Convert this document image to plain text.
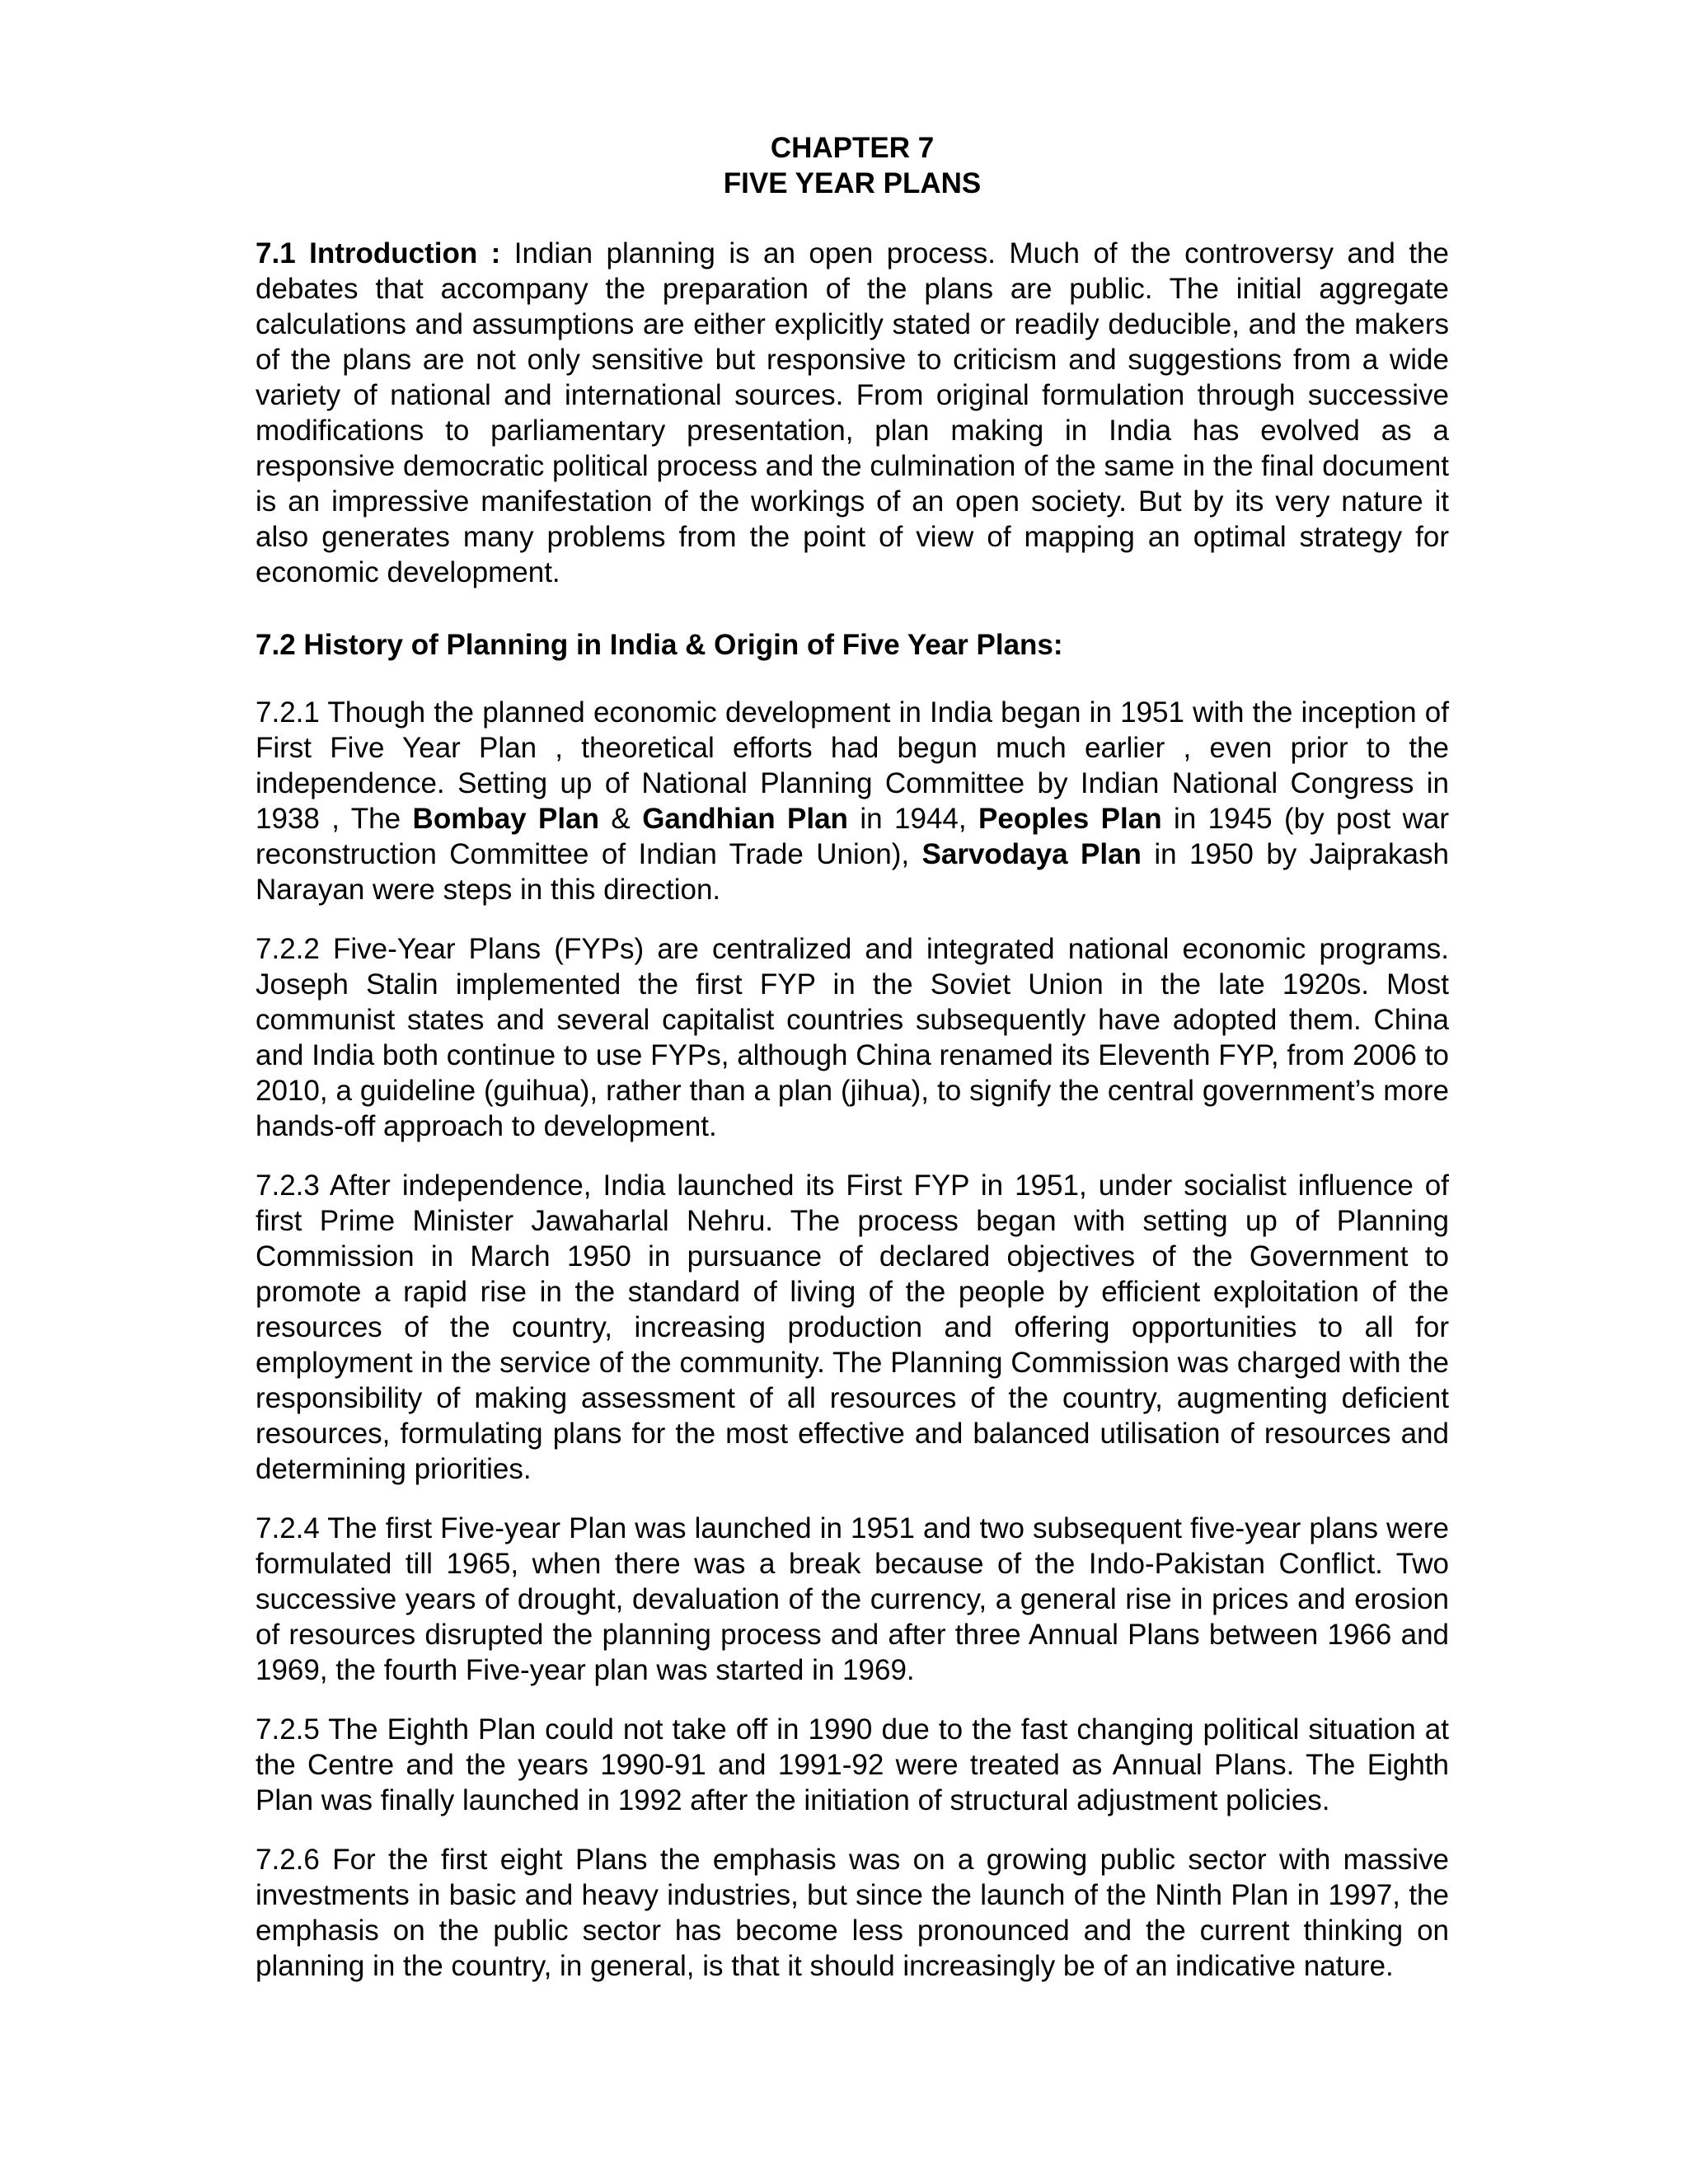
CHAPTER 7
FIVE YEAR PLANS

7.1 Introduction : Indian planning is an open process. Much of the controversy and the debates that accompany the preparation of the plans are public. The initial aggregate calculations and assumptions are either explicitly stated or readily deducible, and the makers of the plans are not only sensitive but responsive to criticism and suggestions from a wide variety of national and international sources. From original formulation through successive modifications to parliamentary presentation, plan making in India has evolved as a responsive democratic political process and the culmination of the same in the final document is an impressive manifestation of the workings of an open society. But by its very nature it also generates many problems from the point of view of mapping an optimal strategy for economic development.

7.2 History of Planning in India & Origin of Five Year Plans:

7.2.1 Though the planned economic development in India began in 1951 with the inception of First Five Year Plan , theoretical efforts had begun much earlier , even prior to the independence. Setting up of National Planning Committee by Indian National Congress in 1938 , The Bombay Plan & Gandhian Plan in 1944, Peoples Plan in 1945 (by post war reconstruction Committee of Indian Trade Union), Sarvodaya Plan in 1950 by Jaiprakash Narayan were steps in this direction.

7.2.2 Five-Year Plans (FYPs) are centralized and integrated national economic programs. Joseph Stalin implemented the first FYP in the Soviet Union in the late 1920s. Most communist states and several capitalist countries subsequently have adopted them. China and India both continue to use FYPs, although China renamed its Eleventh FYP, from 2006 to 2010, a guideline (guihua), rather than a plan (jihua), to signify the central government’s more hands-off approach to development.

7.2.3 After independence, India launched its First FYP in 1951, under socialist influence of first Prime Minister Jawaharlal Nehru. The process began with setting up of Planning Commission in March 1950 in pursuance of declared objectives of the Government to promote a rapid rise in the standard of living of the people by efficient exploitation of the resources of the country, increasing production and offering opportunities to all for employment in the service of the community. The Planning Commission was charged with the responsibility of making assessment of all resources of the country, augmenting deficient resources, formulating plans for the most effective and balanced utilisation of resources and determining priorities.

7.2.4 The first Five-year Plan was launched in 1951 and two subsequent five-year plans were formulated till 1965, when there was a break because of the Indo-Pakistan Conflict. Two successive years of drought, devaluation of the currency, a general rise in prices and erosion of resources disrupted the planning process and after three Annual Plans between 1966 and 1969, the fourth Five-year plan was started in 1969.

7.2.5 The Eighth Plan could not take off in 1990 due to the fast changing political situation at the Centre and the years 1990-91 and 1991-92 were treated as Annual Plans. The Eighth Plan was finally launched in 1992 after the initiation of structural adjustment policies.

7.2.6 For the first eight Plans the emphasis was on a growing public sector with massive investments in basic and heavy industries, but since the launch of the Ninth Plan in 1997, the emphasis on the public sector has become less pronounced and the current thinking on planning in the country, in general, is that it should increasingly be of an indicative nature.
